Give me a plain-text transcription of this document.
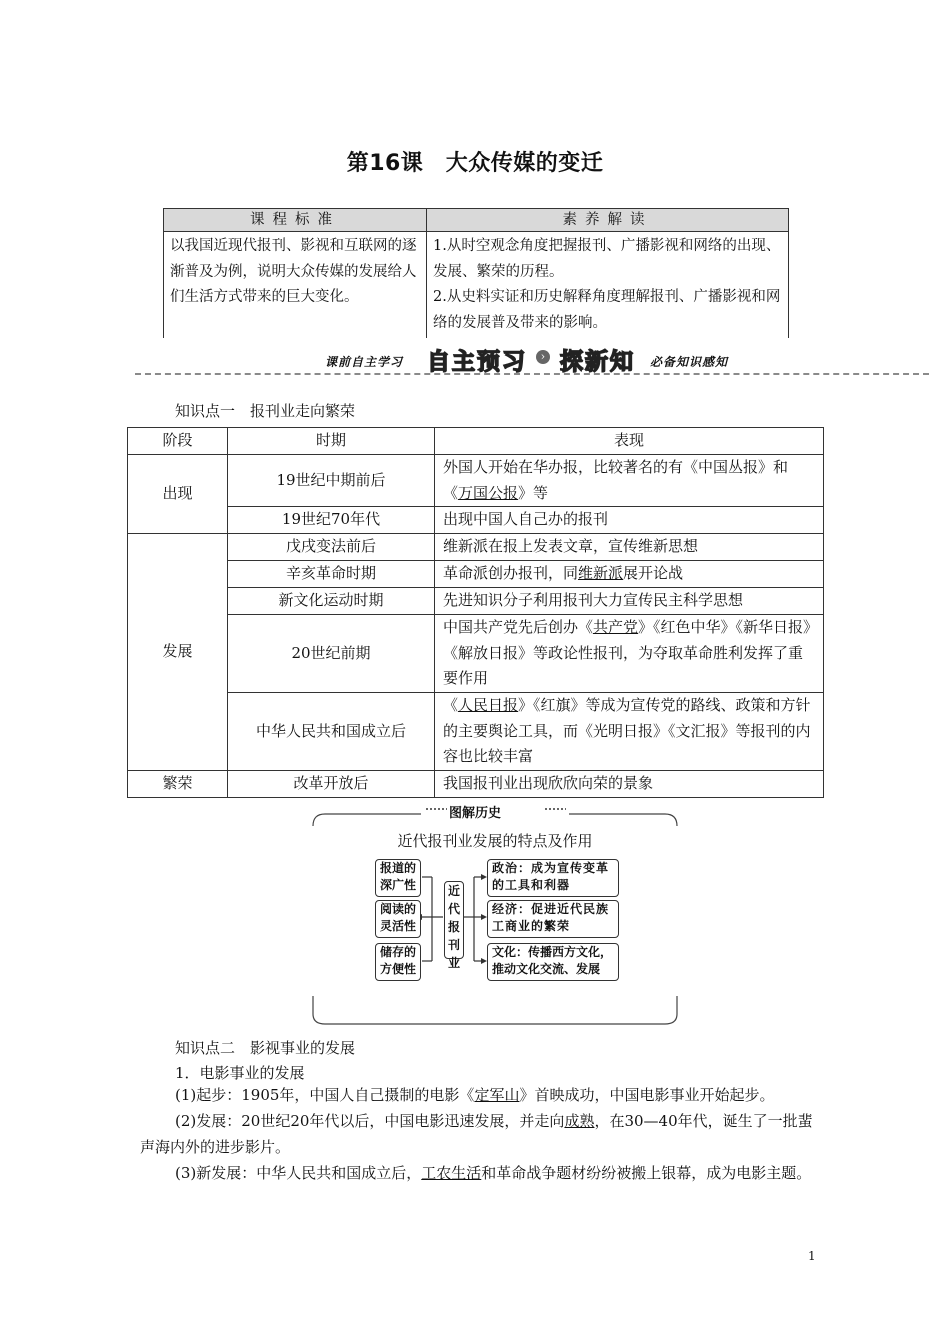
第16课　大众传媒的变迁
课程标准	素养解读
以我国近现代报刊、影视和互联网的逐渐普及为例，说明大众传媒的发展给人们生活方式带来的巨大变化。	1.从时空观念角度把握报刊、广播影视和网络的出现、发展、繁荣的历程。
2.从史料实证和历史解释角度理解报刊、广播影视和网络的发展普及带来的影响。
课前自主学习 自主预习	› 探新知 必备知识感知
知识点一　报刊业走向繁荣
阶段	时期	表现
出现	19世纪中期前后	外国人开始在华办报，比较著名的有《中国丛报》和《万国公报》等
	19世纪70年代	出现中国人自己办的报刊
发展	戊戌变法前后	维新派在报上发表文章，宣传维新思想
	辛亥革命时期	革命派创办报刊，同维新派展开论战
	新文化运动时期	先进知识分子利用报刊大力宣传民主科学思想
	20世纪前期	中国共产党先后创办《共产党》《红色中华》《新华日报》《解放日报》等政论性报刊，为夺取革命胜利发挥了重要作用
	中华人民共和国成立后	《人民日报》《红旗》等成为宣传党的路线、政策和方针的主要舆论工具，而《光明日报》《文汇报》等报刊的内容也比较丰富
繁荣	改革开放后	我国报刊业出现欣欣向荣的景象
图解历史
近代报刊业发展的特点及作用
报道的深广性
阅读的灵活性
储存的方便性
近代报刊业
政治：成为宣传变革的工具和利器
经济：促进近代民族工商业的繁荣
文化：传播西方文化，推动文化交流、发展
知识点二　影视事业的发展
1．电影事业的发展
(1)起步：1905年，中国人自己摄制的电影《定军山》首映成功，中国电影事业开始起步。
(2)发展：20世纪20年代以后，中国电影迅速发展，并走向成熟，在30—40年代，诞生了一批蜚声海内外的进步影片。
(3)新发展：中华人民共和国成立后，工农生活和革命战争题材纷纷被搬上银幕，成为电影主题。
1
